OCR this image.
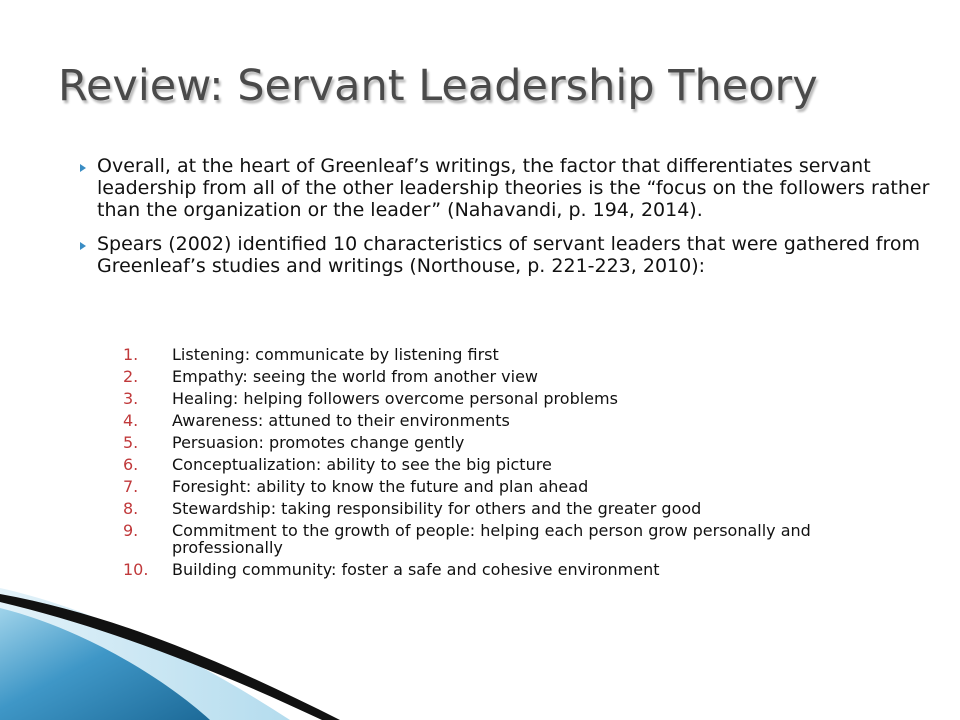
Review: Servant Leadership Theory
Overall, at the heart of Greenleaf’s writings, the factor that differentiates servant leadership from all of the other leadership theories is the “focus on the followers rather than the organization or the leader” (Nahavandi, p. 194, 2014).
Spears (2002) identified 10 characteristics of servant leaders that were gathered from Greenleaf’s studies and writings (Northouse, p. 221-223, 2010):
1.	Listening: communicate by listening first
2.	Empathy: seeing the world from another view
3.	Healing: helping followers overcome personal problems
4.	Awareness: attuned to their environments
5.	Persuasion: promotes change gently
6.	Conceptualization: ability to see the big picture
7.	Foresight: ability to know the future and plan ahead
8.	Stewardship: taking responsibility for others and the greater good
9.	Commitment to the growth of people: helping each person grow personally and professionally
10.	Building community: foster a safe and cohesive environment
